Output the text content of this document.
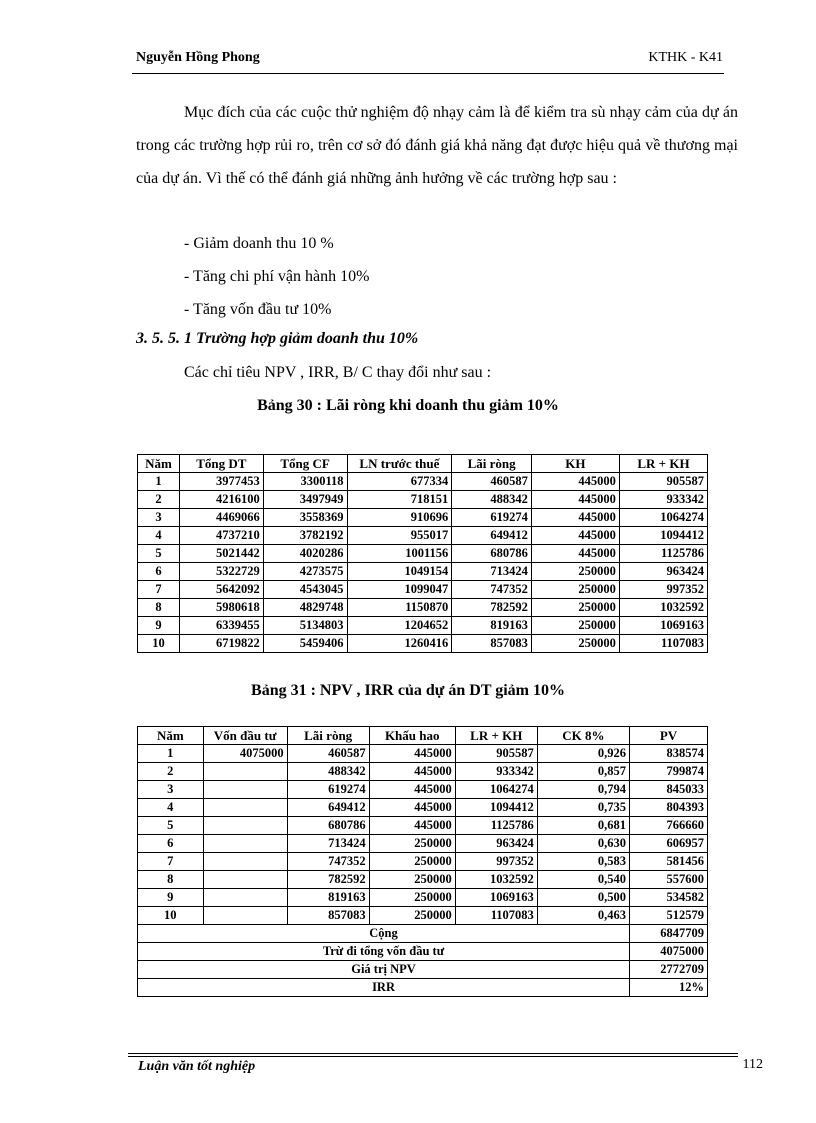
Nguyễn Hồng Phong	KTHK - K41
Mục đích của các cuộc thử nghiệm độ nhạy cảm là để kiểm tra sù nhạy cảm của dự án trong các trường hợp rủi ro, trên cơ sở đó đánh giá khả năng đạt được hiệu quả về thương mại của dự án. Vì thế có thể đánh giá những ảnh hưởng về các trường hợp sau :
- Giảm doanh thu 10 %
- Tăng chi phí vận hành 10%
- Tăng vốn đầu tư 10%
3. 5. 5. 1 Trường hợp giảm doanh thu 10%
Các chỉ tiêu NPV , IRR, B/ C thay đổi như sau :
Bảng 30 : Lãi ròng khi doanh thu giảm 10%
Năm	Tổng DT	Tổng CF	LN trước thuế	Lãi ròng	KH	LR + KH
1	3977453	3300118	677334	460587	445000	905587
2	4216100	3497949	718151	488342	445000	933342
3	4469066	3558369	910696	619274	445000	1064274
4	4737210	3782192	955017	649412	445000	1094412
5	5021442	4020286	1001156	680786	445000	1125786
6	5322729	4273575	1049154	713424	250000	963424
7	5642092	4543045	1099047	747352	250000	997352
8	5980618	4829748	1150870	782592	250000	1032592
9	6339455	5134803	1204652	819163	250000	1069163
10	6719822	5459406	1260416	857083	250000	1107083
Bảng 31 : NPV , IRR của dự án DT giảm 10%
Năm	Vốn đầu tư	Lãi ròng	Khấu hao	LR + KH	CK 8%	PV
1	4075000	460587	445000	905587	0,926	838574
2		488342	445000	933342	0,857	799874
3		619274	445000	1064274	0,794	845033
4		649412	445000	1094412	0,735	804393
5		680786	445000	1125786	0,681	766660
6		713424	250000	963424	0,630	606957
7		747352	250000	997352	0,583	581456
8		782592	250000	1032592	0,540	557600
9		819163	250000	1069163	0,500	534582
10		857083	250000	1107083	0,463	512579
Cộng						6847709
Trừ đi tổng vốn đầu tư						4075000
Giá trị NPV						2772709
IRR						12%
Luận văn tốt nghiệp	112
